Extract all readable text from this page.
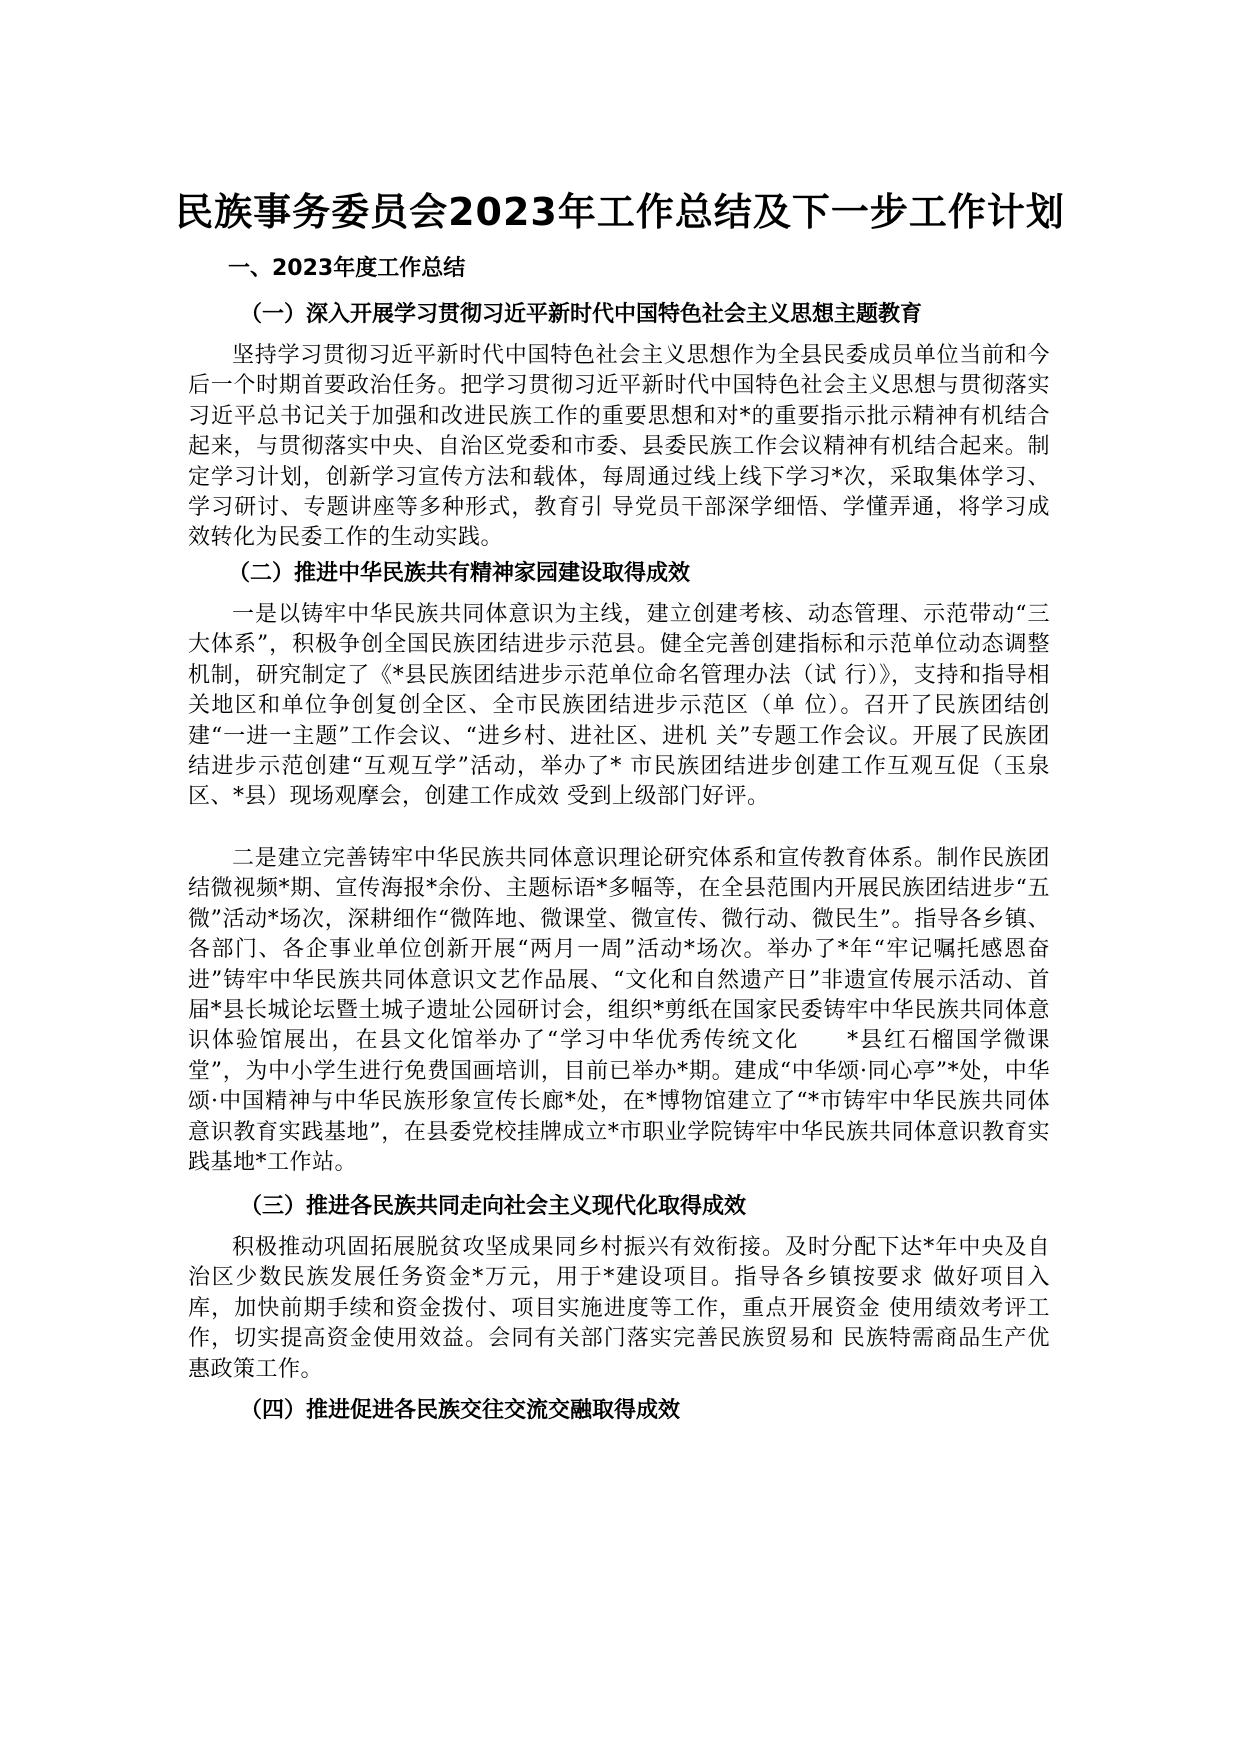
民族事务委员会2023年工作总结及下一步工作计划
一、2023年度工作总结
（一）深入开展学习贯彻习近平新时代中国特色社会主义思想主题教育

坚持学习贯彻习近平新时代中国特色社会主义思想作为全县民委成员单位当前和今后一个时期首要政治任务。把学习贯彻习近平新时代中国特色社会主义思想与贯彻落实习近平总书记关于加强和改进民族工作的重要思想和对*的重要指示批示精神有机结合起来，与贯彻落实中央、自治区党委和市委、县委民族工作会议精神有机结合起来。制定学习计划，创新学习宣传方法和载体，每周通过线上线下学习*次，采取集体学习、学习研讨、专题讲座等多种形式，教育引 导党员干部深学细悟、学懂弄通，将学习成效转化为民委工作的生动实践。

（二）推进中华民族共有精神家园建设取得成效

一是以铸牢中华民族共同体意识为主线，建立创建考核、动态管理、示范带动“三大体系”，积极争创全国民族团结进步示范县。健全完善创建指标和示范单位动态调整机制，研究制定了《*县民族团结进步示范单位命名管理办法（试 行）》，支持和指导相关地区和单位争创复创全区、全市民族团结进步示范区（单 位）。召开了民族团结创建“一进一主题”工作会议、“进乡村、进社区、进机 关”专题工作会议。开展了民族团结进步示范创建“互观互学”活动，举办了* 市民族团结进步创建工作互观互促（玉泉区、*县）现场观摩会，创建工作成效 受到上级部门好评。

二是建立完善铸牢中华民族共同体意识理论研究体系和宣传教育体系。制作民族团结微视频*期、宣传海报*余份、主题标语*多幅等，在全县范围内开展民族团结进步“五微”活动*场次，深耕细作“微阵地、微课堂、微宣传、微行动、微民生”。指导各乡镇、各部门、各企事业单位创新开展“两月一周”活动*场次。举办了*年“牢记嘱托感恩奋进”铸牢中华民族共同体意识文艺作品展、“文化和自然遗产日”非遗宣传展示活动、首届*县长城论坛暨土城子遗址公园研讨会，组织*剪纸在国家民委铸牢中华民族共同体意识体验馆展出，在县文化馆举办了“学习中华优秀传统文化　　*县红石榴国学微课堂”，为中小学生进行免费国画培训，目前已举办*期。建成“中华颂·同心亭”*处，中华颂·中国精神与中华民族形象宣传长廊*处，在*博物馆建立了“*市铸牢中华民族共同体意识教育实践基地”，在县委党校挂牌成立*市职业学院铸牢中华民族共同体意识教育实践基地*工作站。

（三）推进各民族共同走向社会主义现代化取得成效

积极推动巩固拓展脱贫攻坚成果同乡村振兴有效衔接。及时分配下达*年中央及自治区少数民族发展任务资金*万元，用于*建设项目。指导各乡镇按要求 做好项目入库，加快前期手续和资金拨付、项目实施进度等工作，重点开展资金 使用绩效考评工作，切实提高资金使用效益。会同有关部门落实完善民族贸易和 民族特需商品生产优惠政策工作。

（四）推进促进各民族交往交流交融取得成效
